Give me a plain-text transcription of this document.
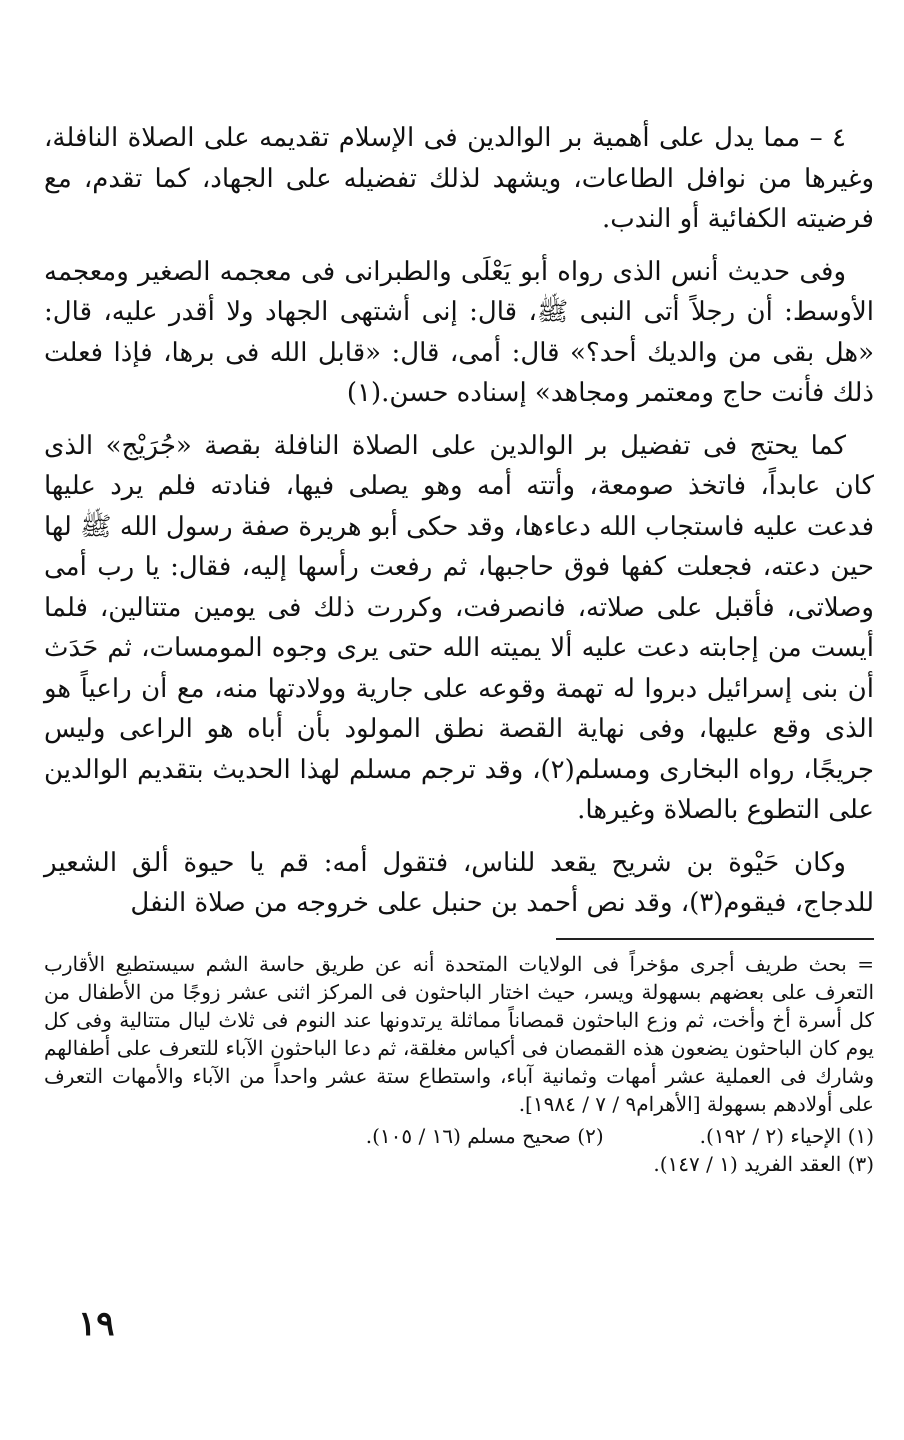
٤ – مما يدل على أهمية بر الوالدين فى الإسلام تقديمه على الصلاة النافلة، وغيرها من نوافل الطاعات، ويشهد لذلك تفضيله على الجهاد، كما تقدم، مع فرضيته الكفائية أو الندب.

وفى حديث أنس الذى رواه أبو يَعْلَى والطبرانى فى معجمه الصغير ومعجمه الأوسط: أن رجلاً أتى النبى ﷺ، قال: إنى أشتهى الجهاد ولا أقدر عليه، قال: «هل بقى من والديك أحد؟» قال: أمى، قال: «قابل الله فى برها، فإذا فعلت ذلك فأنت حاج ومعتمر ومجاهد» إسناده حسن.(١)

كما يحتج فى تفضيل بر الوالدين على الصلاة النافلة بقصة «جُرَيْج» الذى كان عابداً، فاتخذ صومعة، وأتته أمه وهو يصلى فيها، فنادته فلم يرد عليها فدعت عليه فاستجاب الله دعاءها، وقد حكى أبو هريرة صفة رسول الله ﷺ لها حين دعته، فجعلت كفها فوق حاجبها، ثم رفعت رأسها إليه، فقال: يا رب أمى وصلاتى، فأقبل على صلاته، فانصرفت، وكررت ذلك فى يومين متتالين، فلما أيست من إجابته دعت عليه ألا يميته الله حتى يرى وجوه المومسات، ثم حَدَث أن بنى إسرائيل دبروا له تهمة وقوعه على جارية وولادتها منه، مع أن راعياً هو الذى وقع عليها، وفى نهاية القصة نطق المولود بأن أباه هو الراعى وليس جريجًا، رواه البخارى ومسلم(٢)، وقد ترجم مسلم لهذا الحديث بتقديم الوالدين على التطوع بالصلاة وغيرها.

وكان حَيْوة بن شريح يقعد للناس، فتقول أمه: قم يا حيوة ألق الشعير للدجاج، فيقوم(٣)، وقد نص أحمد بن حنبل على خروجه من صلاة النفل

= بحث طريف أجرى مؤخراً فى الولايات المتحدة أنه عن طريق حاسة الشم سيستطيع الأقارب التعرف على بعضهم بسهولة ويسر، حيث اختار الباحثون فى المركز اثنى عشر زوجًا من الأطفال من كل أسرة أخ وأخت، ثم وزع الباحثون قمصاناً مماثلة يرتدونها عند النوم فى ثلاث ليال متتالية وفى كل يوم كان الباحثون يضعون هذه القمصان فى أكياس مغلقة، ثم دعا الباحثون الآباء للتعرف على أطفالهم وشارك فى العملية عشر أمهات وثمانية آباء، واستطاع ستة عشر واحداً من الآباء والأمهات التعرف على أولادهم بسهولة [الأهرام٩ / ٧ / ١٩٨٤].

(١) الإحياء (٢ / ١٩٢).
(٢) صحيح مسلم (١٦ / ١٠٥).
(٣) العقد الفريد (١ / ١٤٧).
١٩
